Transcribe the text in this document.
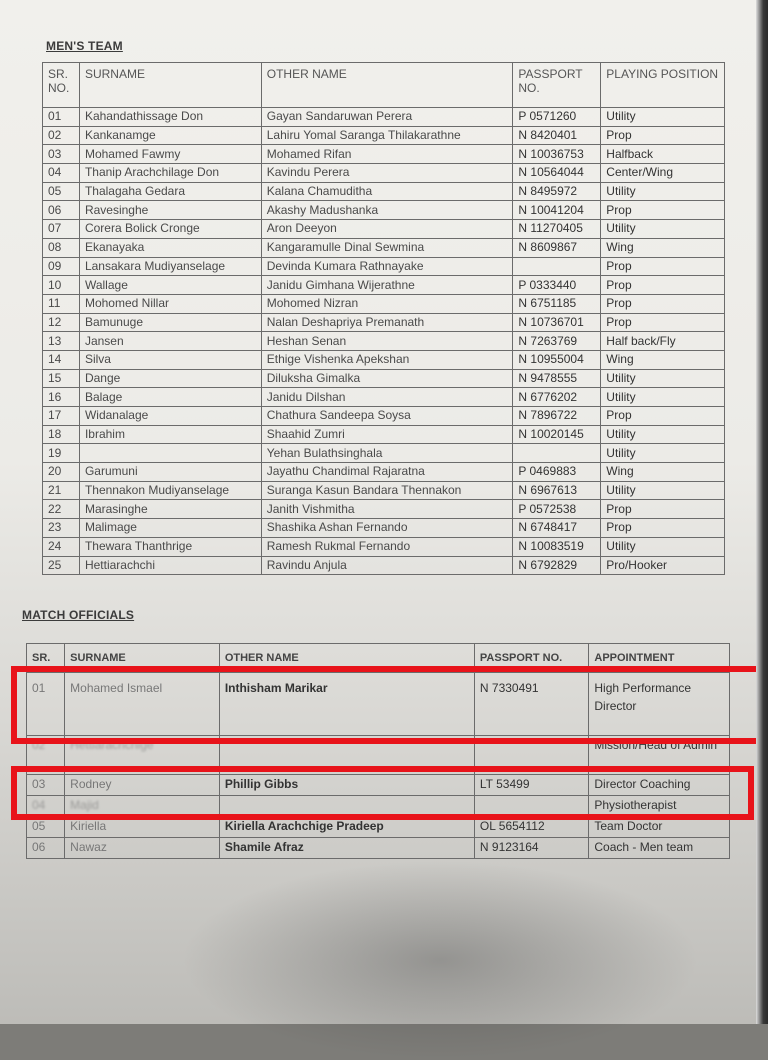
MEN'S TEAM
SR. NO.	SURNAME	OTHER NAME	PASSPORT NO.	PLAYING POSITION
01	Kahandathissage Don	Gayan Sandaruwan Perera	P 0571260	Utility
02	Kankanamge	Lahiru Yomal Saranga Thilakarathne	N 8420401	Prop
03	Mohamed Fawmy	Mohamed Rifan	N 10036753	Halfback
04	Thanip Arachchilage Don	Kavindu Perera	N 10564044	Center/Wing
05	Thalagaha Gedara	Kalana Chamuditha	N 8495972	Utility
06	Ravesinghe	Akashy Madushanka	N 10041204	Prop
07	Corera Bolick Cronge	Aron Deeyon	N 11270405	Utility
08	Ekanayaka	Kangaramulle Dinal Sewmina	N 8609867	Wing
09	Lansakara Mudiyanselage	Devinda Kumara Rathnayake		Prop
10	Wallage	Janidu Gimhana Wijerathne	P 0333440	Prop
11	Mohomed Nillar	Mohomed Nizran	N 6751185	Prop
12	Bamunuge	Nalan Deshapriya Premanath	N 10736701	Prop
13	Jansen	Heshan Senan	N 7263769	Half back/Fly
14	Silva	Ethige Vishenka Apekshan	N 10955004	Wing
15	Dange	Diluksha Gimalka	N 9478555	Utility
16	Balage	Janidu Dilshan	N 6776202	Utility
17	Widanalage	Chathura Sandeepa Soysa	N 7896722	Prop
18	Ibrahim	Shaahid Zumri	N 10020145	Utility
19		Yehan Bulathsinghala		Utility
20	Garumuni	Jayathu Chandimal Rajaratna	P 0469883	Wing
21	Thennakon Mudiyanselage	Suranga Kasun Bandara Thennakon	N 6967613	Utility
22	Marasinghe	Janith Vishmitha	P 0572538	Prop
23	Malimage	Shashika Ashan Fernando	N 6748417	Prop
24	Thewara Thanthrige	Ramesh Rukmal Fernando	N 10083519	Utility
25	Hettiarachchi	Ravindu Anjula	N 6792829	Pro/Hooker
MATCH OFFICIALS
SR.	SURNAME	OTHER NAME	PASSPORT NO.	APPOINTMENT
01	Mohamed Ismael	Inthisham Marikar	N 7330491	High Performance Director
02	Hettiarachchige			Mission/Head of Admin
03	Rodney	Phillip Gibbs	LT 53499	Director Coaching
04	Majid			Physiotherapist
05	Kiriella	Kiriella Arachchige Pradeep	OL 5654112	Team Doctor
06	Nawaz	Shamile Afraz	N 9123164	Coach - Men team
